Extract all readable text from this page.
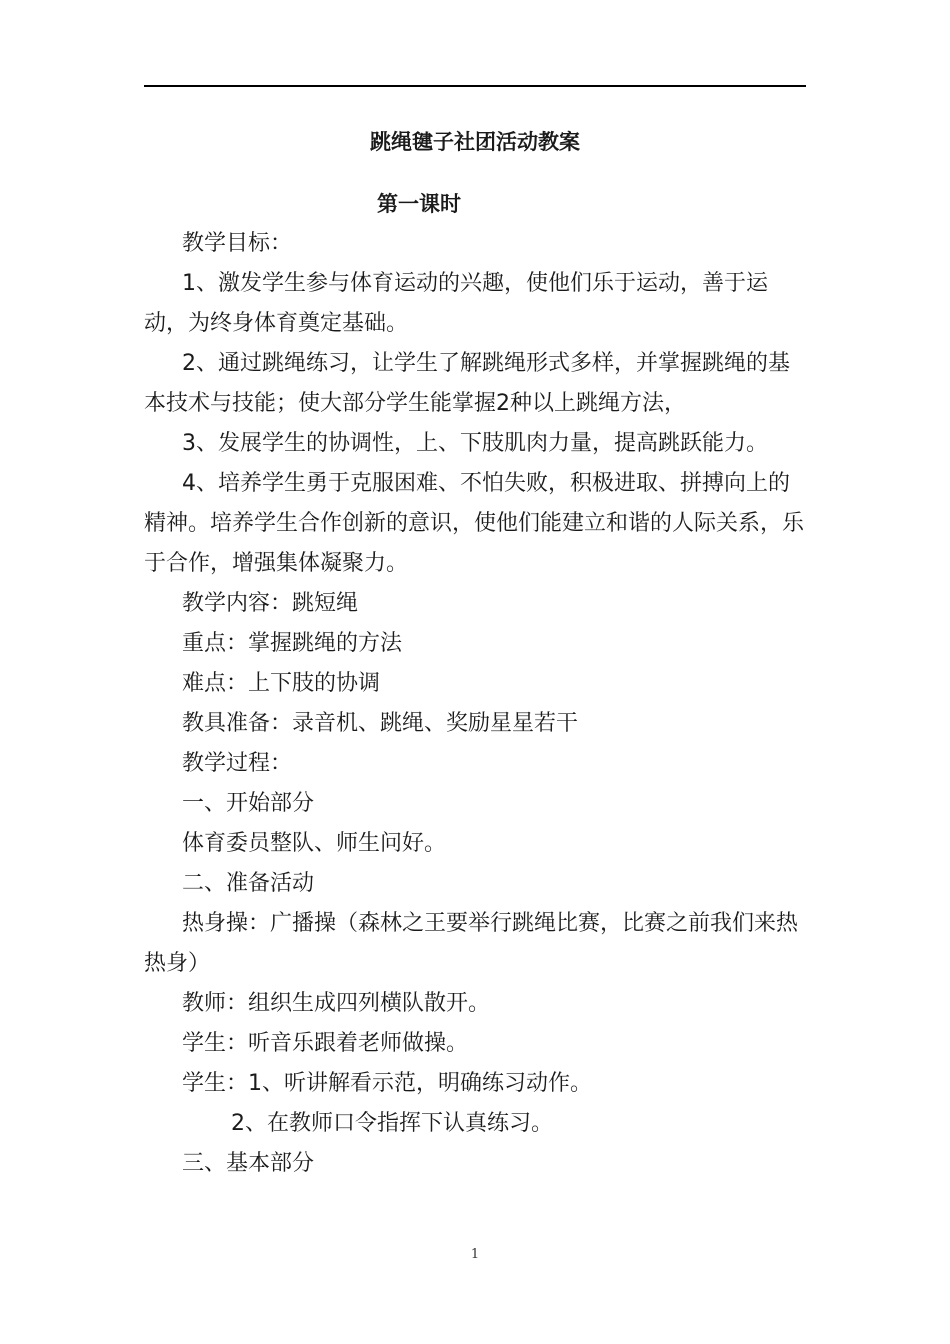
跳绳毽子社团活动教案
第一课时

教学目标：

1、激发学生参与体育运动的兴趣，使他们乐于运动，善于运动，为终身体育奠定基础。

2、通过跳绳练习，让学生了解跳绳形式多样，并掌握跳绳的基本技术与技能；使大部分学生能掌握2种以上跳绳方法，

3、发展学生的协调性，上、下肢肌肉力量，提高跳跃能力。

4、培养学生勇于克服困难、不怕失败，积极进取、拼搏向上的精神。培养学生合作创新的意识，使他们能建立和谐的人际关系，乐于合作，增强集体凝聚力。

教学内容：跳短绳

重点：掌握跳绳的方法

难点：上下肢的协调

教具准备：录音机、跳绳、奖励星星若干

教学过程：

一、开始部分

体育委员整队、师生问好。

二、准备活动

热身操：广播操（森林之王要举行跳绳比赛，比赛之前我们来热热身）

教师：组织生成四列横队散开。

学生：听音乐跟着老师做操。

学生：1、听讲解看示范，明确练习动作。

2、在教师口令指挥下认真练习。

三、基本部分

1
